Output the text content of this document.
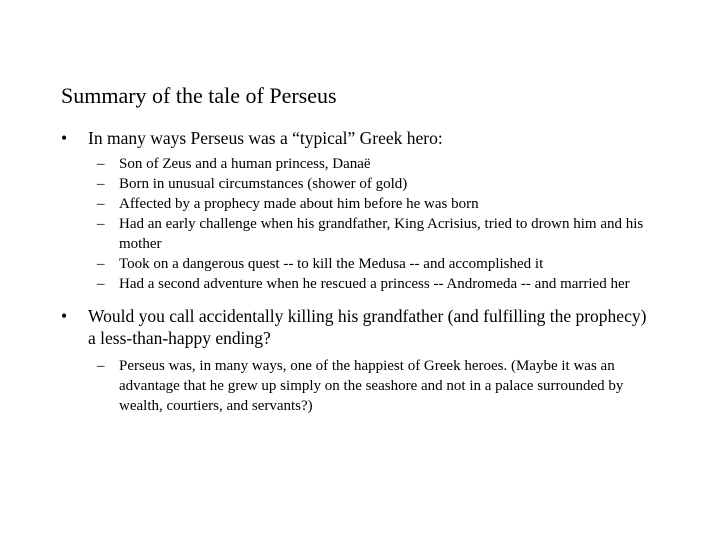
Summary of the tale of Perseus
• In many ways Perseus was a “typical” Greek hero:
– Son of Zeus and a human princess, Danaë
– Born in unusual circumstances (shower of gold)
– Affected by a prophecy made about him before he was born
– Had an early challenge when his grandfather, King Acrisius, tried to drown him and his mother
– Took on a dangerous quest -- to kill the Medusa -- and accomplished it
– Had a second adventure when he rescued a princess -- Andromeda -- and married her
• Would you call accidentally killing his grandfather (and fulfilling the prophecy) a less-than-happy ending?
– Perseus was, in many ways, one of the happiest of Greek heroes. (Maybe it was an advantage that he grew up simply on the seashore and not in a palace surrounded by wealth, courtiers, and servants?)
